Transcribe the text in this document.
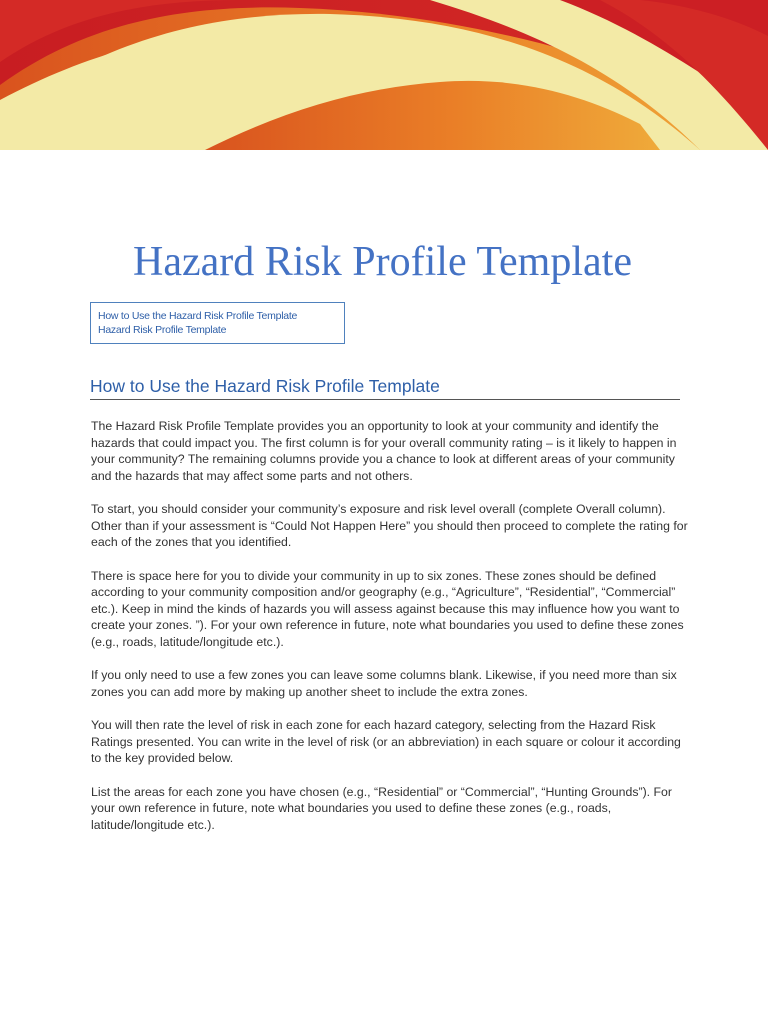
Hazard Risk Profile Template
How to Use the Hazard Risk Profile Template
Hazard Risk Profile Template
How to Use the Hazard Risk Profile Template

The Hazard Risk Profile Template provides you an opportunity to look at your community and identify the hazards that could impact you. The first column is for your overall community rating – is it likely to happen in your community? The remaining columns provide you a chance to look at different areas of your community and the hazards that may affect some parts and not others.

To start, you should consider your community’s exposure and risk level overall (complete Overall column). Other than if your assessment is “Could Not Happen Here” you should then proceed to complete the rating for each of the zones that you identified.

There is space here for you to divide your community in up to six zones. These zones should be defined according to your community composition and/or geography (e.g., “Agriculture”, “Residential”, “Commercial” etc.). Keep in mind the kinds of hazards you will assess against because this may influence how you want to create your zones. ”). For your own reference in future, note what boundaries you used to define these zones (e.g., roads, latitude/longitude etc.).

If you only need to use a few zones you can leave some columns blank. Likewise, if you need more than six zones you can add more by making up another sheet to include the extra zones.

You will then rate the level of risk in each zone for each hazard category, selecting from the Hazard Risk Ratings presented. You can write in the level of risk (or an abbreviation) in each square or colour it according to the key provided below.

List the areas for each zone you have chosen (e.g., “Residential” or “Commercial”, “Hunting Grounds”). For your own reference in future, note what boundaries you used to define these zones (e.g., roads, latitude/longitude etc.).
